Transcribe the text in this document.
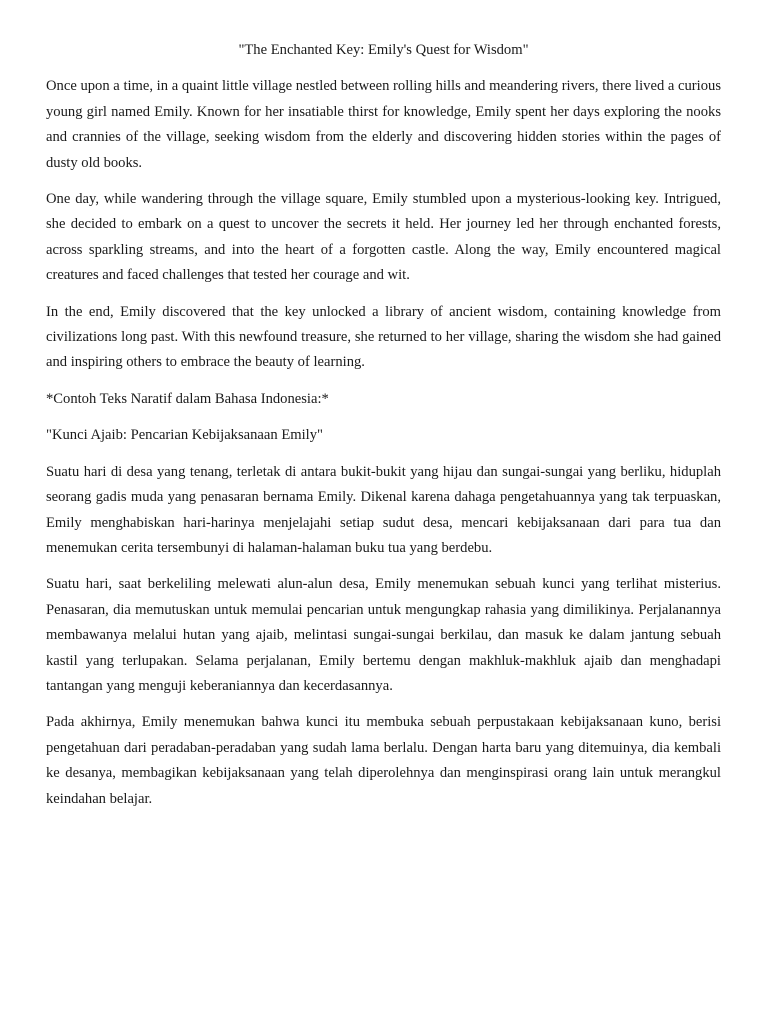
"The Enchanted Key: Emily's Quest for Wisdom"

Once upon a time, in a quaint little village nestled between rolling hills and meandering rivers, there lived a curious young girl named Emily. Known for her insatiable thirst for knowledge, Emily spent her days exploring the nooks and crannies of the village, seeking wisdom from the elderly and discovering hidden stories within the pages of dusty old books.

One day, while wandering through the village square, Emily stumbled upon a mysterious-looking key. Intrigued, she decided to embark on a quest to uncover the secrets it held. Her journey led her through enchanted forests, across sparkling streams, and into the heart of a forgotten castle. Along the way, Emily encountered magical creatures and faced challenges that tested her courage and wit.

In the end, Emily discovered that the key unlocked a library of ancient wisdom, containing knowledge from civilizations long past. With this newfound treasure, she returned to her village, sharing the wisdom she had gained and inspiring others to embrace the beauty of learning.

*Contoh Teks Naratif dalam Bahasa Indonesia:*

"Kunci Ajaib: Pencarian Kebijaksanaan Emily"

Suatu hari di desa yang tenang, terletak di antara bukit-bukit yang hijau dan sungai-sungai yang berliku, hiduplah seorang gadis muda yang penasaran bernama Emily. Dikenal karena dahaga pengetahuannya yang tak terpuaskan, Emily menghabiskan hari-harinya menjelajahi setiap sudut desa, mencari kebijaksanaan dari para tua dan menemukan cerita tersembunyi di halaman-halaman buku tua yang berdebu.

Suatu hari, saat berkeliling melewati alun-alun desa, Emily menemukan sebuah kunci yang terlihat misterius. Penasaran, dia memutuskan untuk memulai pencarian untuk mengungkap rahasia yang dimilikinya. Perjalanannya membawanya melalui hutan yang ajaib, melintasi sungai-sungai berkilau, dan masuk ke dalam jantung sebuah kastil yang terlupakan. Selama perjalanan, Emily bertemu dengan makhluk-makhluk ajaib dan menghadapi tantangan yang menguji keberaniannya dan kecerdasannya.

Pada akhirnya, Emily menemukan bahwa kunci itu membuka sebuah perpustakaan kebijaksanaan kuno, berisi pengetahuan dari peradaban-peradaban yang sudah lama berlalu. Dengan harta baru yang ditemuinya, dia kembali ke desanya, membagikan kebijaksanaan yang telah diperolehnya dan menginspirasi orang lain untuk merangkul keindahan belajar.
